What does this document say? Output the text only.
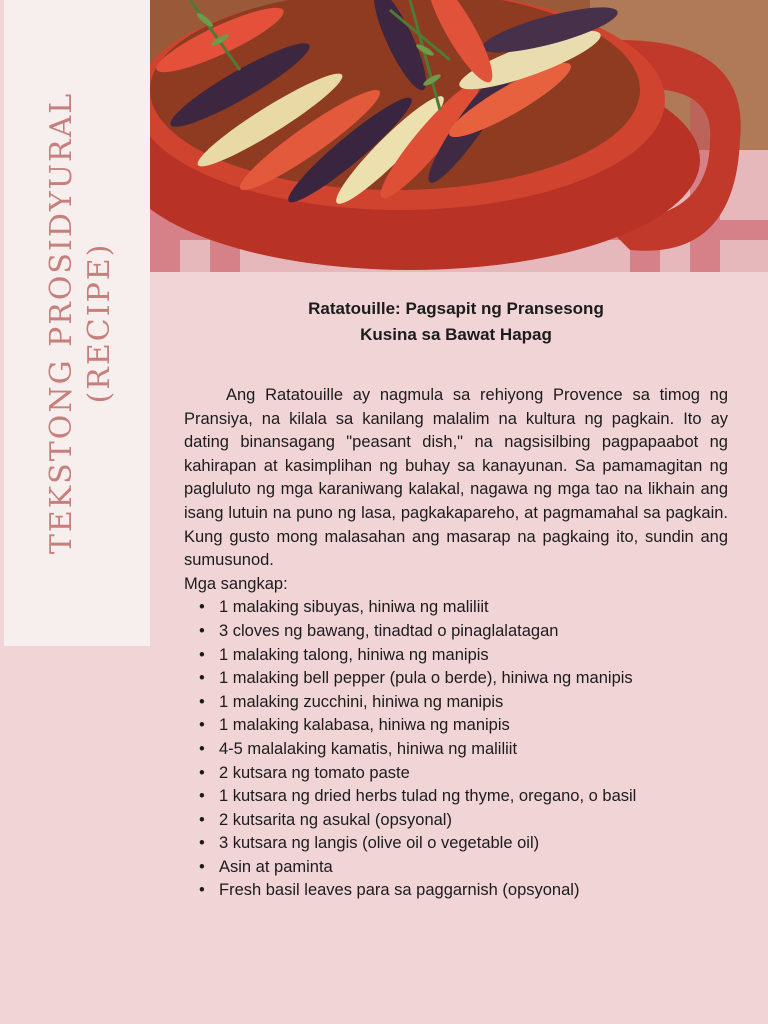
TEKSTONG PROSIDYURAL (RECIPE)	Ratatouille: Pagsapit ng Pransesong
Kusina sa Bawat Hapag

Ang Ratatouille ay nagmula sa rehiyong Provence sa timog ng Pransiya, na kilala sa kanilang malalim na kultura ng pagkain. Ito ay dating binansagang "peasant dish," na nagsisilbing pagpapaabot ng kahirapan at kasimplihan ng buhay sa kanayunan. Sa pamamagitan ng pagluluto ng mga karaniwang kalakal, nagawa ng mga tao na likhain ang isang lutuin na puno ng lasa, pagkakapareho, at pagmamahal sa pagkain. Kung gusto mong malasahan ang masarap na pagkaing ito, sundin ang sumusunod.

Mga sangkap:

• 1 malaking sibuyas, hiniwa ng maliliit
• 3 cloves ng bawang, tinadtad o pinaglalatagan
• 1 malaking talong, hiniwa ng manipis
• 1 malaking bell pepper (pula o berde), hiniwa ng manipis
• 1 malaking zucchini, hiniwa ng manipis
• 1 malaking kalabasa, hiniwa ng manipis
• 4-5 malalaking kamatis, hiniwa ng maliliit
• 2 kutsara ng tomato paste
• 1 kutsara ng dried herbs tulad ng thyme, oregano, o basil
• 2 kutsarita ng asukal (opsyonal)
• 3 kutsara ng langis (olive oil o vegetable oil)
• Asin at paminta
• Fresh basil leaves para sa paggarnish (opsyonal)
